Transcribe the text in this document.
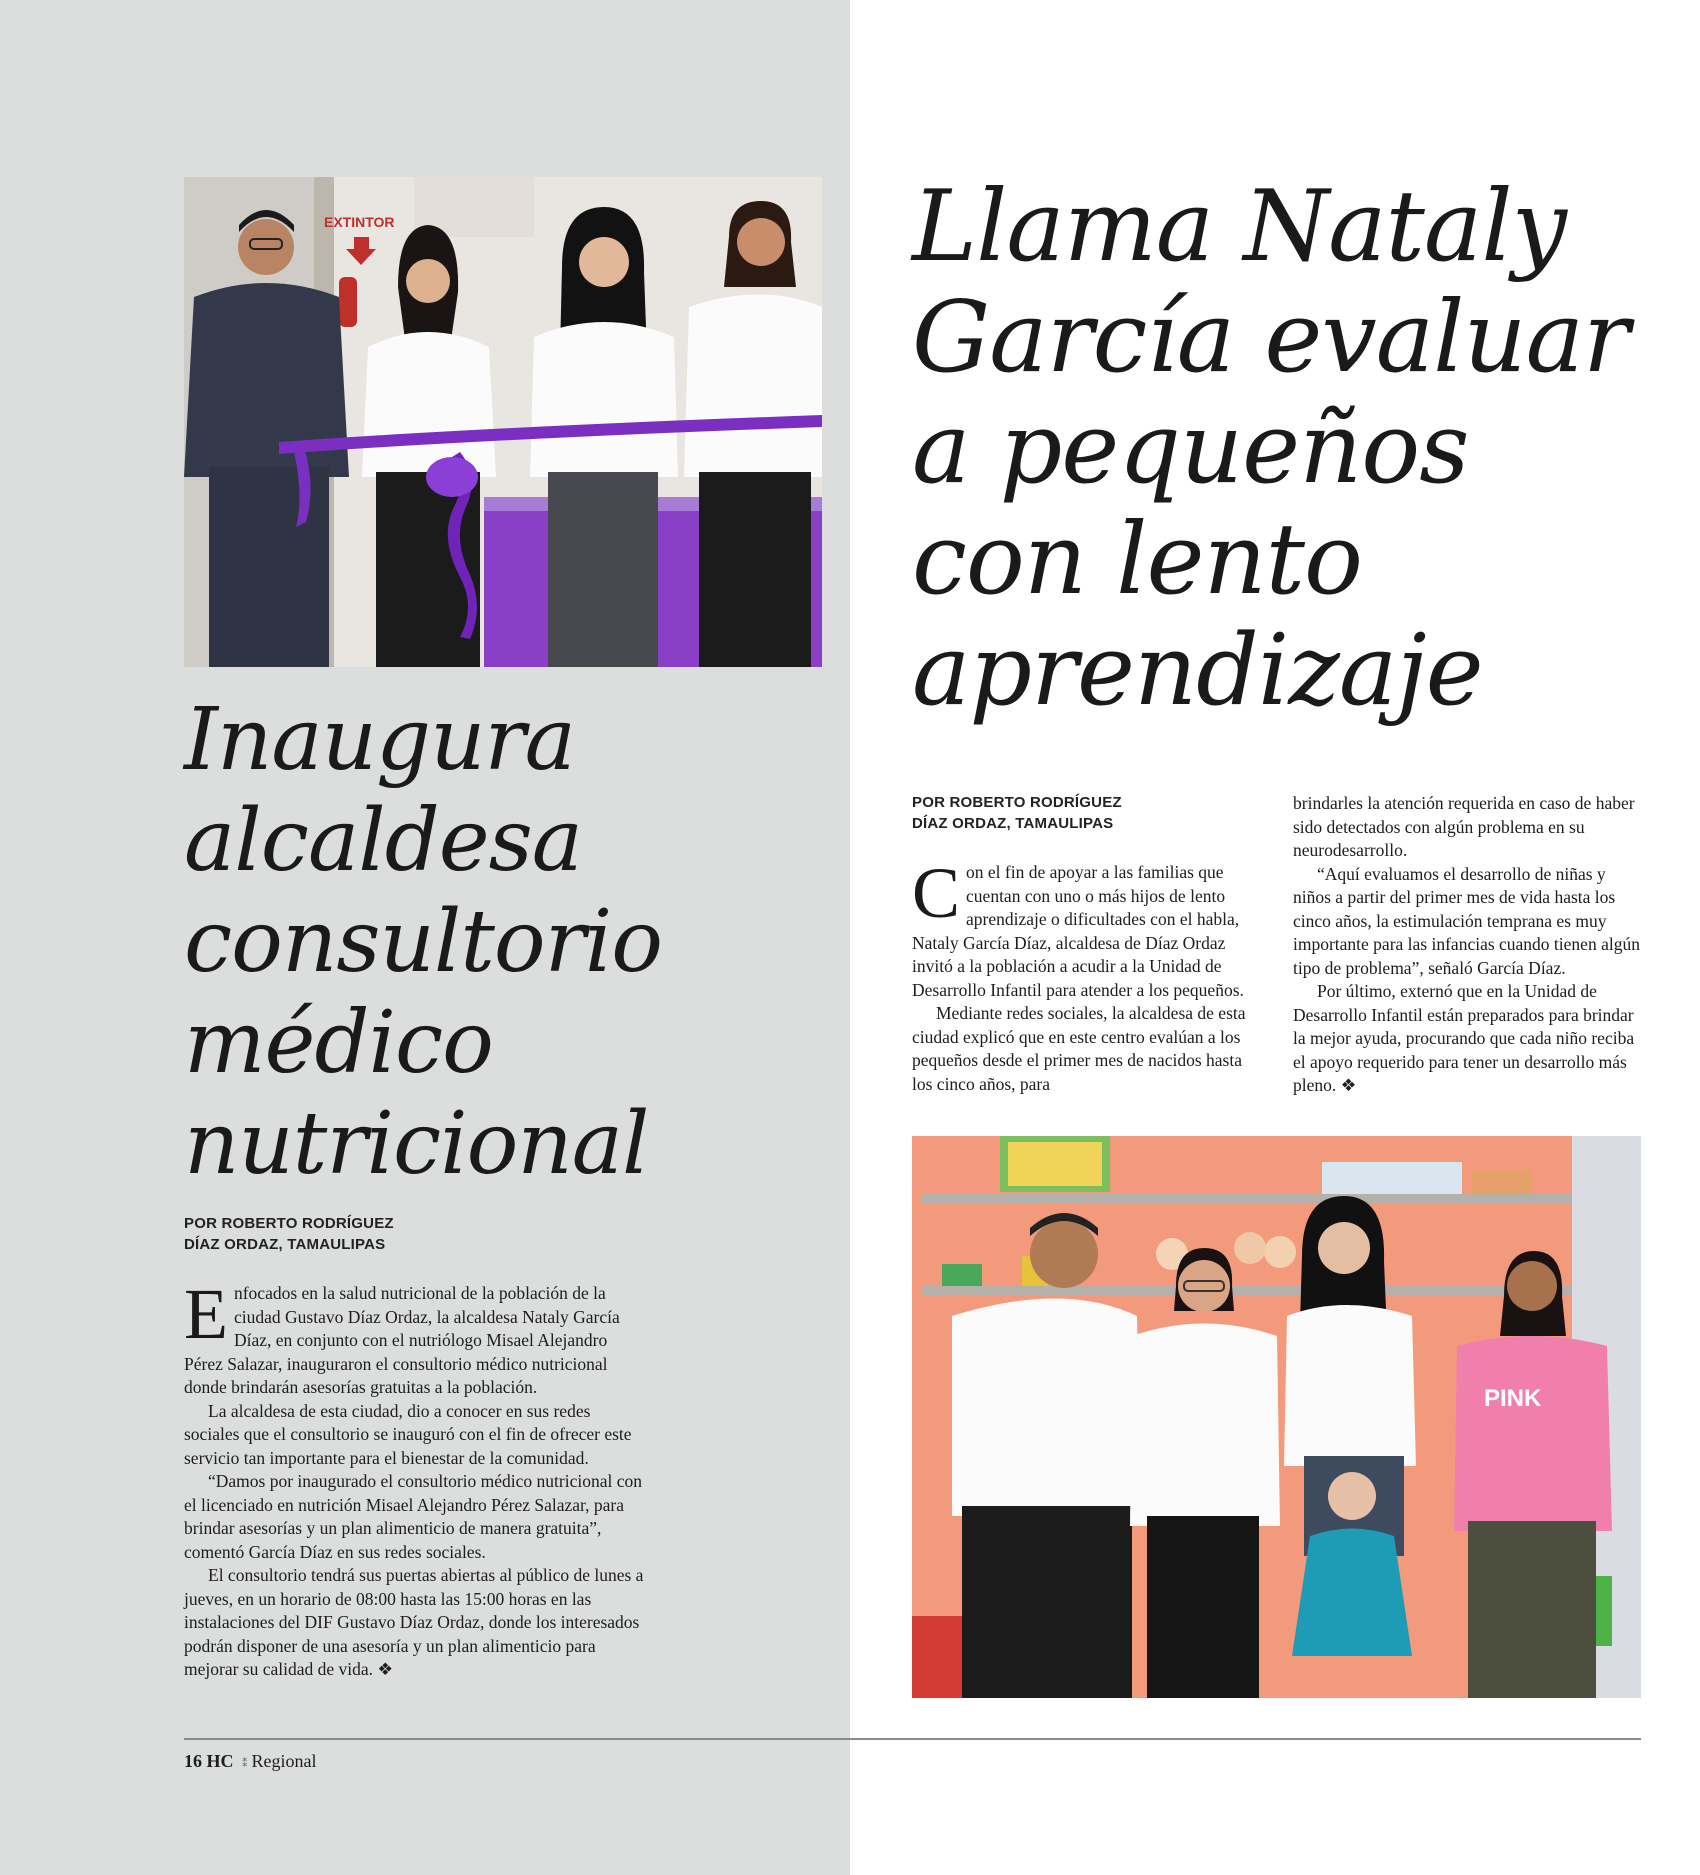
EXTINTOR
Inaugura
alcaldesa
consultorio
médico
nutricional

POR ROBERTO RODRÍGUEZ
DÍAZ ORDAZ, TAMAULIPAS

Enfocados en la salud nutricional de la población de la ciudad Gustavo Díaz Ordaz, la alcaldesa Nataly García Díaz, en conjunto con el nutriólogo Misael Alejandro Pérez Salazar, inauguraron el consultorio médico nutricional donde brindarán asesorías gratuitas a la población.

La alcaldesa de esta ciudad, dio a conocer en sus redes sociales que el consultorio se inauguró con el fin de ofrecer este servicio tan importante para el bienestar de la comunidad.

“Damos por inaugurado el consultorio médico nutricional con el licenciado en nutrición Misael Alejandro Pérez Salazar, para brindar asesorías y un plan alimenticio de manera gratuita”, comentó García Díaz en sus redes sociales.

El consultorio tendrá sus puertas abiertas al público de lunes a jueves, en un horario de 08:00 hasta las 15:00 horas en las instalaciones del DIF Gustavo Díaz Ordaz, donde los interesados podrán disponer de una asesoría y un plan alimenticio para mejorar su calidad de vida. ❖

Llama Nataly
García evaluar
a pequeños
con lento
aprendizaje

POR ROBERTO RODRÍGUEZ
DÍAZ ORDAZ, TAMAULIPAS

Con el fin de apoyar a las familias que cuentan con uno o más hijos de lento aprendizaje o dificultades con el habla, Nataly García Díaz, alcaldesa de Díaz Ordaz invitó a la población a acudir a la Unidad de Desarrollo Infantil para atender a los pequeños.

Mediante redes sociales, la alcaldesa de esta ciudad explicó que en este centro evalúan a los pequeños desde el primer mes de nacidos hasta los cinco años, para

brindarles la atención requerida en caso de haber sido detectados con algún problema en su neurodesarrollo.

“Aquí evaluamos el desarrollo de niñas y niños a partir del primer mes de vida hasta los cinco años, la estimulación temprana es muy importante para las infancias cuando tienen algún tipo de problema”, señaló García Díaz.

Por último, externó que en la Unidad de Desarrollo Infantil están preparados para brindar la mejor ayuda, procurando que cada niño reciba el apoyo requerido para tener un desarrollo más pleno. ❖

PINK
16 HC ⁑ Regional
